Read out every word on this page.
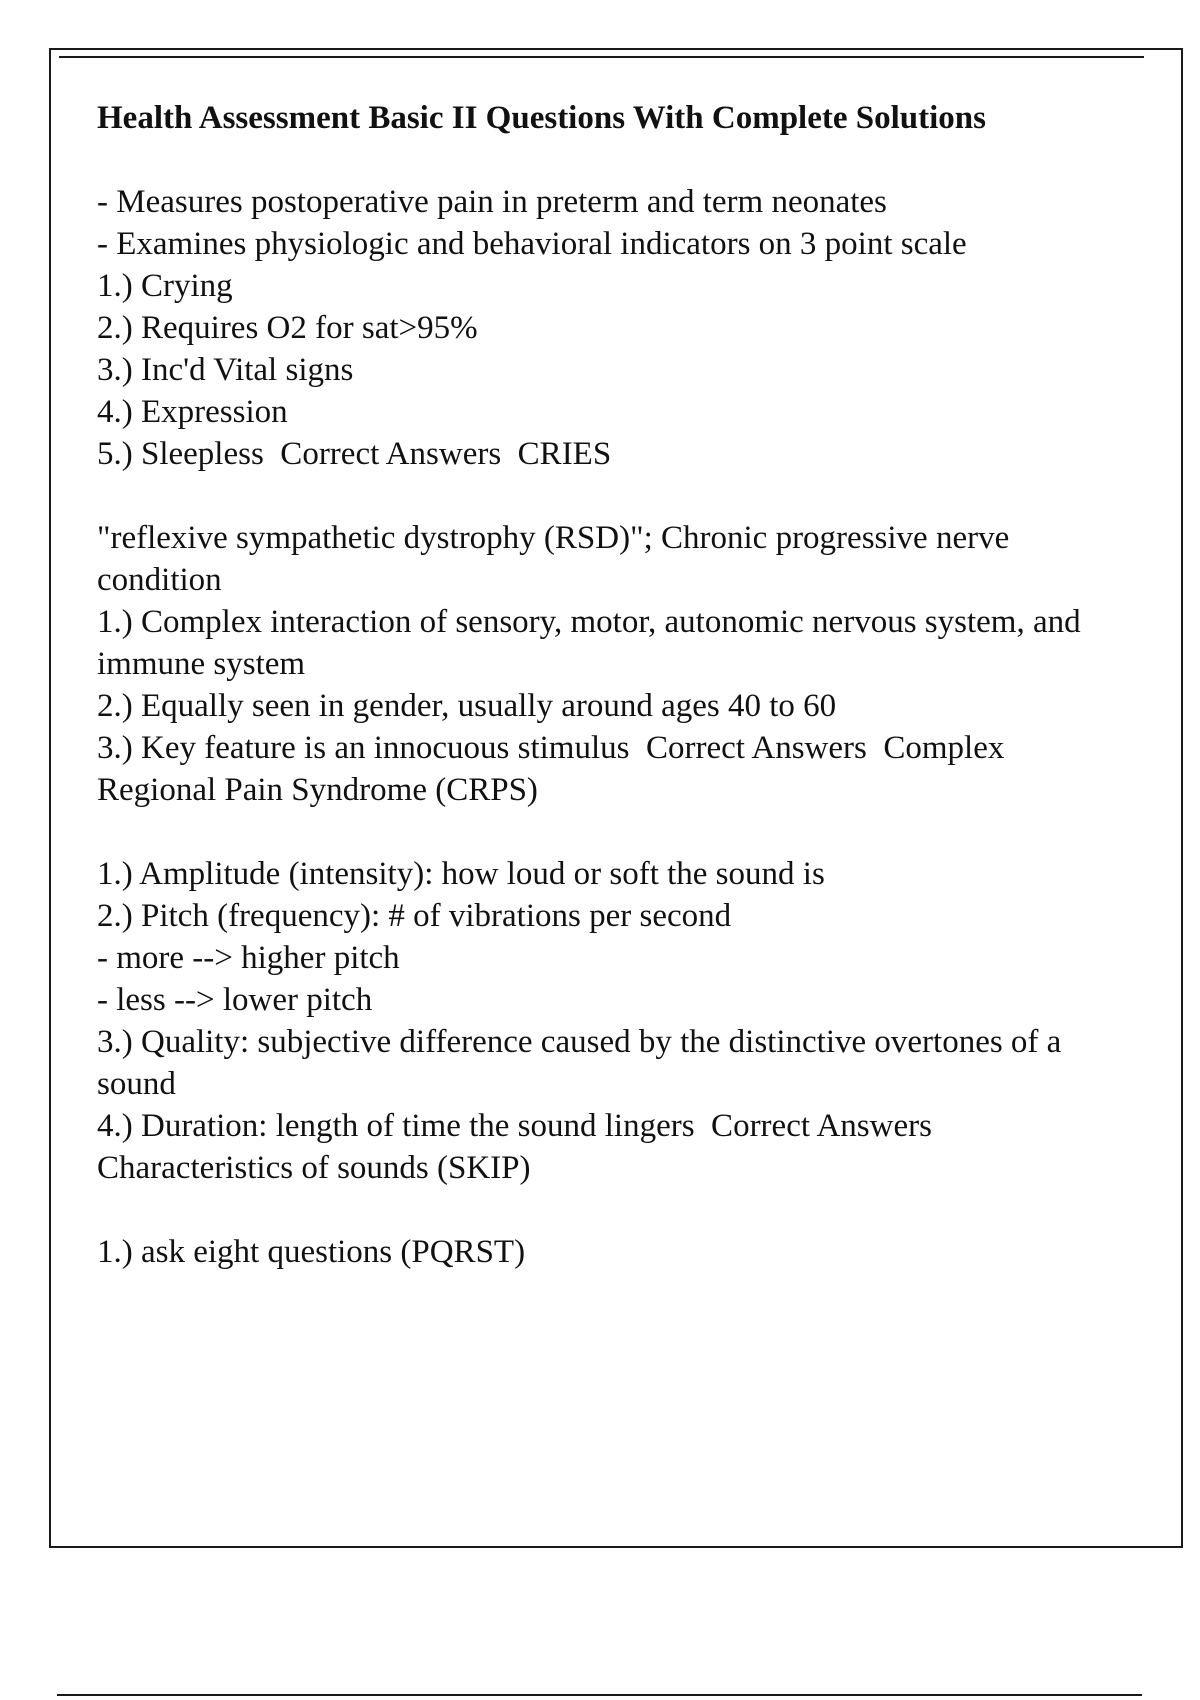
Health Assessment Basic II Questions With Complete Solutions
- Measures postoperative pain in preterm and term neonates
- Examines physiologic and behavioral indicators on 3 point scale
1.) Crying
2.) Requires O2 for sat>95%
3.) Inc'd Vital signs
4.) Expression
5.) Sleepless  Correct Answers  CRIES
"reflexive sympathetic dystrophy (RSD)"; Chronic progressive nerve condition
1.) Complex interaction of sensory, motor, autonomic nervous system, and immune system
2.) Equally seen in gender, usually around ages 40 to 60
3.) Key feature is an innocuous stimulus  Correct Answers  Complex Regional Pain Syndrome (CRPS)
1.) Amplitude (intensity): how loud or soft the sound is
2.) Pitch (frequency): # of vibrations per second
- more --> higher pitch
- less --> lower pitch
3.) Quality: subjective difference caused by the distinctive overtones of a sound
4.) Duration: length of time the sound lingers  Correct Answers  Characteristics of sounds (SKIP)
1.) ask eight questions (PQRST)
